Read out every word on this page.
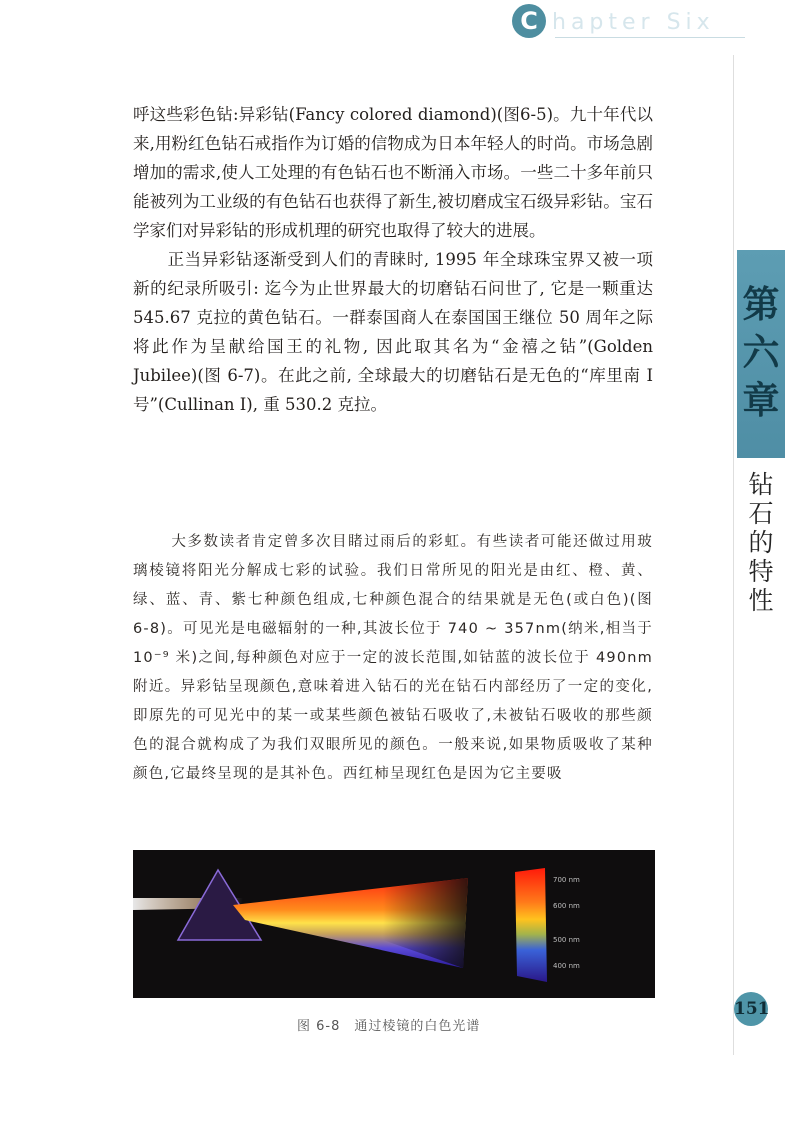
C hapter Six

呼这些彩色钻:异彩钻(Fancy colored diamond)(图6-5)。九十年代以来,用粉红色钻石戒指作为订婚的信物成为日本年轻人的时尚。市场急剧增加的需求,使人工处理的有色钻石也不断涌入市场。一些二十多年前只能被列为工业级的有色钻石也获得了新生,被切磨成宝石级异彩钻。宝石学家们对异彩钻的形成机理的研究也取得了较大的进展。
正当异彩钻逐渐受到人们的青睐时, 1995 年全球珠宝界又被一项新的纪录所吸引: 迄今为止世界最大的切磨钻石问世了, 它是一颗重达 545.67 克拉的黄色钻石。一群泰国商人在泰国国王继位 50 周年之际将此作为呈献给国王的礼物, 因此取其名为“金禧之钻”(Golden Jubilee)(图 6-7)。在此之前, 全球最大的切磨钻石是无色的“库里南 I 号”(Cullinan I), 重 530.2 克拉。

大多数读者肯定曾多次目睹过雨后的彩虹。有些读者可能还做过用玻璃棱镜将阳光分解成七彩的试验。我们日常所见的阳光是由红、橙、黄、绿、蓝、青、紫七种颜色组成,七种颜色混合的结果就是无色(或白色)(图 6-8)。可见光是电磁辐射的一种,其波长位于 740 ~ 357nm(纳米,相当于 10⁻⁹ 米)之间,每种颜色对应于一定的波长范围,如钴蓝的波长位于 490nm 附近。异彩钻呈现颜色,意味着进入钻石的光在钻石内部经历了一定的变化,即原先的可见光中的某一或某些颜色被钻石吸收了,未被钻石吸收的那些颜色的混合就构成了为我们双眼所见的颜色。一般来说,如果物质吸收了某种颜色,它最终呈现的是其补色。西红柿呈现红色是因为它主要吸

第六章
钻石的特性
700 nm
600 nm
500 nm
400 nm
图 6-8 通过棱镜的白色光谱
151
